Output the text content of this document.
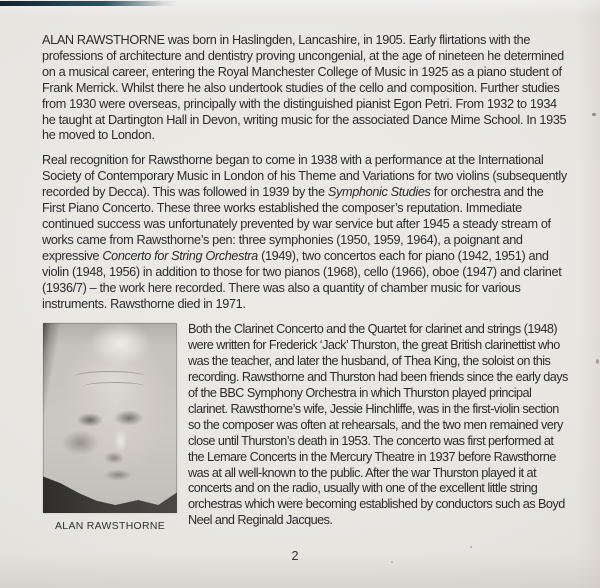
ALAN RAWSTHORNE was born in Haslingden, Lancashire, in 1905. Early flirtations with the professions of architecture and dentistry proving uncongenial, at the age of nineteen he determined on a musical career, entering the Royal Manchester College of Music in 1925 as a piano student of Frank Merrick. Whilst there he also undertook studies of the cello and composition. Further studies from 1930 were overseas, principally with the distinguished pianist Egon Petri. From 1932 to 1934 he taught at Dartington Hall in Devon, writing music for the associated Dance Mime School. In 1935 he moved to London.

Real recognition for Rawsthorne began to come in 1938 with a performance at the International Society of Contemporary Music in London of his Theme and Variations for two violins (subsequently recorded by Decca). This was followed in 1939 by the Symphonic Studies for orchestra and the First Piano Concerto. These three works established the composer’s reputation. Immediate continued success was unfortunately prevented by war service but after 1945 a steady stream of works came from Rawsthorne’s pen: three symphonies (1950, 1959, 1964), a poignant and expressive Concerto for String Orchestra (1949), two concertos each for piano (1942, 1951) and violin (1948, 1956) in addition to those for two pianos (1968), cello (1966), oboe (1947) and clarinet (1936/7) – the work here recorded. There was also a quantity of chamber music for various instruments. Rawsthorne died in 1971.

ALAN RAWSTHORNE

Both the Clarinet Concerto and the Quartet for clarinet and strings (1948) were written for Frederick ‘Jack’ Thurston, the great British clarinettist who was the teacher, and later the husband, of Thea King, the soloist on this recording. Rawsthorne and Thurston had been friends since the early days of the BBC Symphony Orchestra in which Thurston played principal clarinet. Rawsthorne’s wife, Jessie Hinchliffe, was in the first-violin section so the composer was often at rehearsals, and the two men remained very close until Thurston’s death in 1953. The concerto was first performed at the Lemare Concerts in the Mercury Theatre in 1937 before Rawsthorne was at all well-known to the public. After the war Thurston played it at concerts and on the radio, usually with one of the excellent little string orchestras which were becoming established by conductors such as Boyd Neel and Reginald Jacques.

2
